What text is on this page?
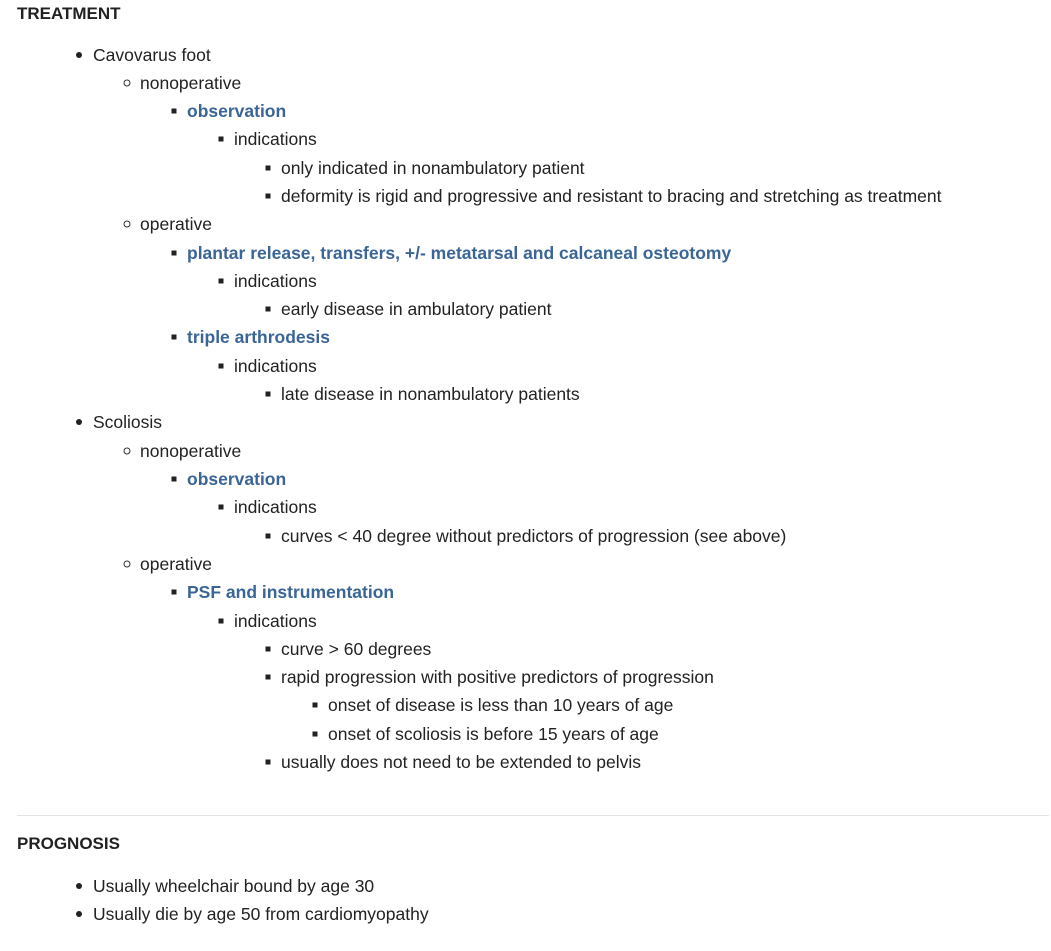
TREATMENT
Cavovarus foot
nonoperative
observation
indications
only indicated in nonambulatory patient
deformity is rigid and progressive and resistant to bracing and stretching as treatment
operative
plantar release, transfers, +/- metatarsal and calcaneal osteotomy
indications
early disease in ambulatory patient
triple arthrodesis
indications
late disease in nonambulatory patients
Scoliosis
nonoperative
observation
indications
curves < 40 degree without predictors of progression (see above)
operative
PSF and instrumentation
indications
curve > 60 degrees
rapid progression with positive predictors of progression
onset of disease is less than 10 years of age
onset of scoliosis is before 15 years of age
usually does not need to be extended to pelvis
PROGNOSIS
Usually wheelchair bound by age 30
Usually die by age 50 from cardiomyopathy
